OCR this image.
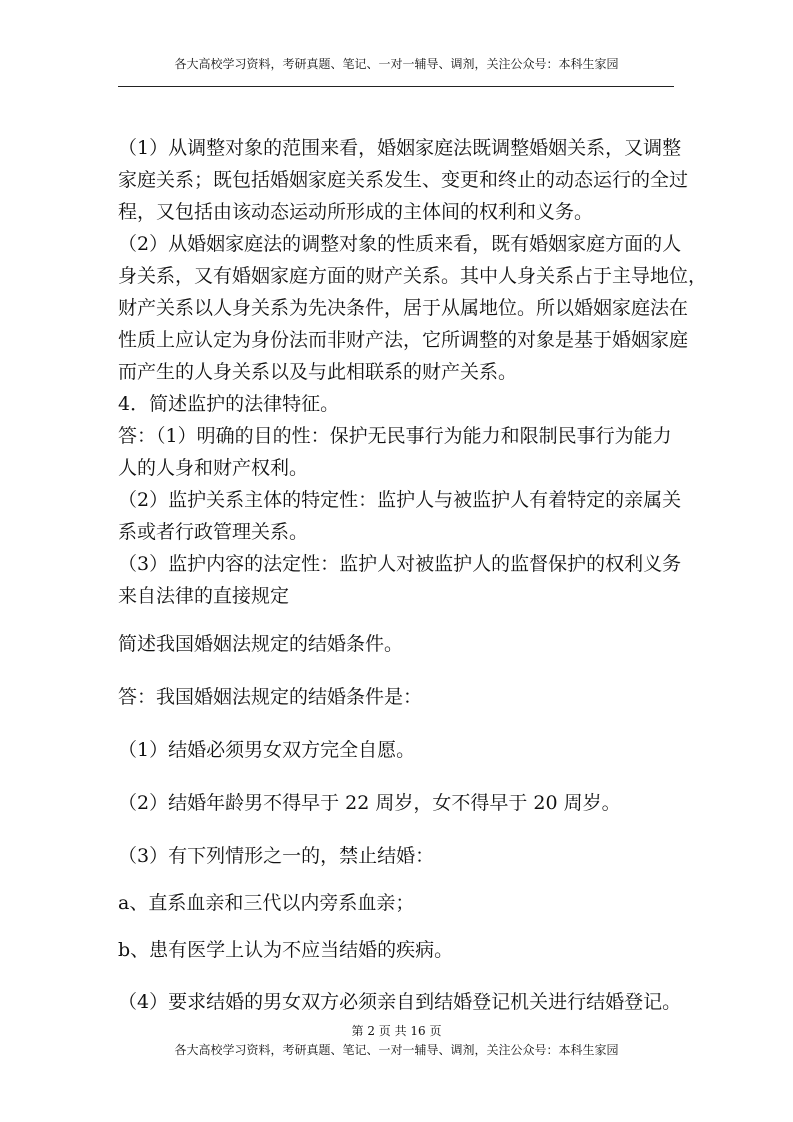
各大高校学习资料，考研真题、笔记、一对一辅导、调剂，关注公众号：本科生家园
（1）从调整对象的范围来看，婚姻家庭法既调整婚姻关系，又调整
家庭关系；既包括婚姻家庭关系发生、变更和终止的动态运行的全过
程，又包括由该动态运动所形成的主体间的权利和义务。
（2）从婚姻家庭法的调整对象的性质来看，既有婚姻家庭方面的人
身关系，又有婚姻家庭方面的财产关系。其中人身关系占于主导地位，
财产关系以人身关系为先决条件，居于从属地位。所以婚姻家庭法在
性质上应认定为身份法而非财产法，它所调整的对象是基于婚姻家庭
而产生的人身关系以及与此相联系的财产关系。
4．简述监护的法律特征。
答：（1）明确的目的性：保护无民事行为能力和限制民事行为能力
人的人身和财产权利。
（2）监护关系主体的特定性：监护人与被监护人有着特定的亲属关
系或者行政管理关系。
（3）监护内容的法定性：监护人对被监护人的监督保护的权利义务
来自法律的直接规定
简述我国婚姻法规定的结婚条件。
答：我国婚姻法规定的结婚条件是：
（1）结婚必须男女双方完全自愿。
（2）结婚年龄男不得早于 22 周岁，女不得早于 20 周岁。
（3）有下列情形之一的，禁止结婚：
a、直系血亲和三代以内旁系血亲；
b、患有医学上认为不应当结婚的疾病。
（4）要求结婚的男女双方必须亲自到结婚登记机关进行结婚登记。
第 2 页 共 16 页
各大高校学习资料，考研真题、笔记、一对一辅导、调剂，关注公众号：本科生家园
